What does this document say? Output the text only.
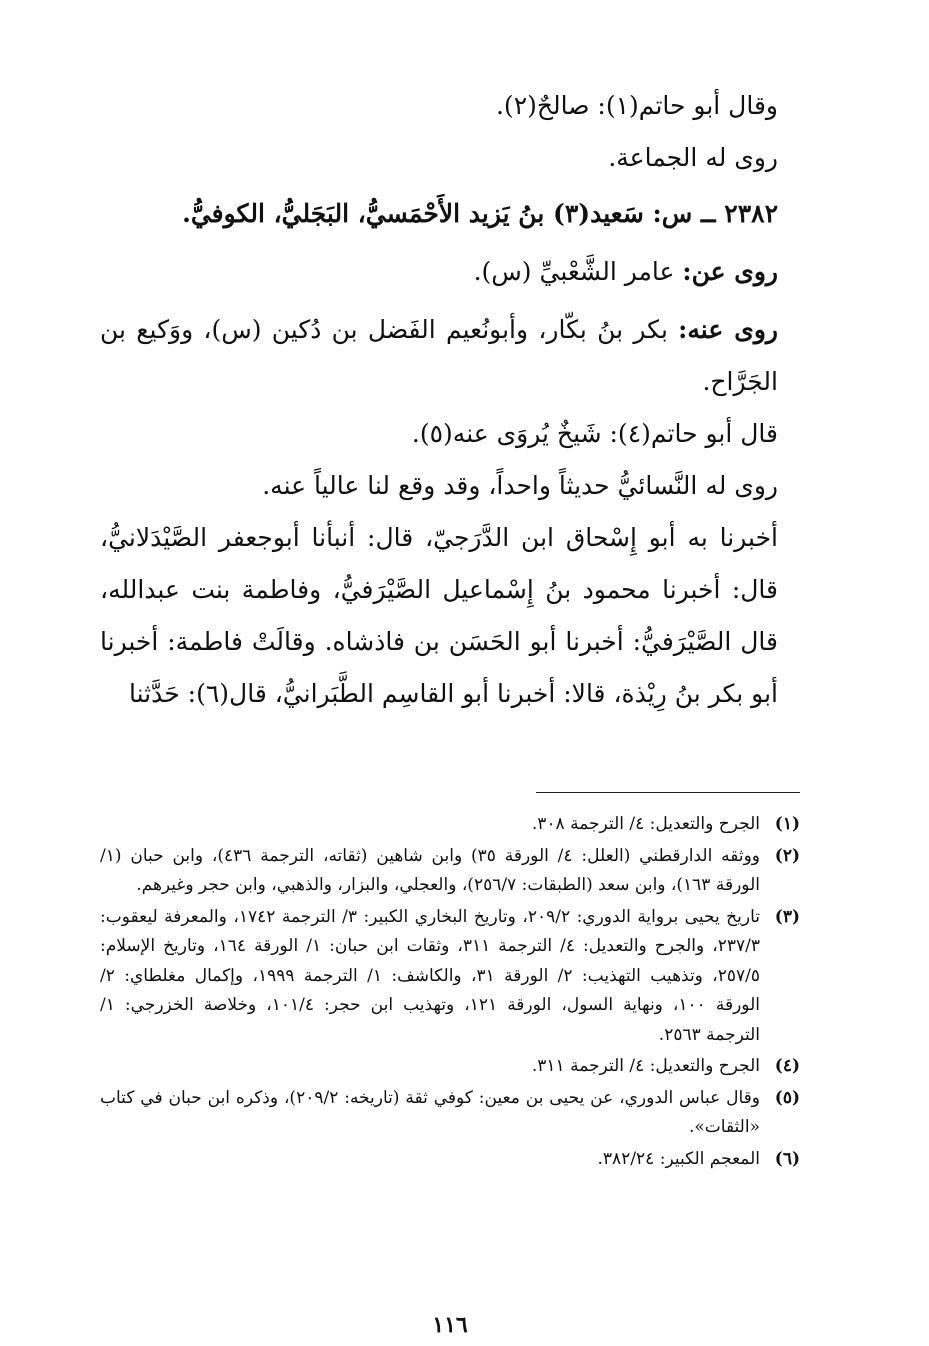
وقال أبو حاتم(١): صالحٌ(٢).

روى له الجماعة.

٢٣٨٢ ــ س: سَعيد(٣) بنُ يَزيد الأَحْمَسيُّ، البَجَليُّ، الكوفيُّ.

روى عن: عامر الشَّعْبيِّ (س).

روى عنه: بكر بنُ بكّار، وأبونُعيم الفَضل بن دُكين (س)، ووَكيع بن الجَرَّاح.

قال أبو حاتم(٤): شَيخٌ يُروَى عنه(٥).

روى له النَّسائيُّ حديثاً واحداً، وقد وقع لنا عالياً عنه.

أخبرنا به أبو إِسْحاق ابن الدَّرَجيّ، قال: أنبأنا أبوجعفر الصَّيْدَلانيُّ، قال: أخبرنا محمود بنُ إِسْماعيل الصَّيْرَفيُّ، وفاطمة بنت عبدالله، قال الصَّيْرَفيُّ: أخبرنا أبو الحَسَن بن فاذشاه. وقالَتْ فاطمة: أخبرنا أبو بكر بنُ رِيْذة، قالا: أخبرنا أبو القاسِم الطَّبَرانيُّ، قال(٦): حَدَّثنا

(١)
الجرح والتعديل: ٤/ الترجمة ٣٠٨.
(٢)
ووثقه الدارقطني (العلل: ٤/ الورقة ٣٥) وابن شاهين (ثقاته، الترجمة ٤٣٦)، وابن حبان (١/ الورقة ١٦٣)، وابن سعد (الطبقات: ٢٥٦/٧)، والعجلي، والبزار، والذهبي، وابن حجر وغيرهم.
(٣)
تاريخ يحيى برواية الدوري: ٢٠٩/٢، وتاريخ البخاري الكبير: ٣/ الترجمة ١٧٤٢، والمعرفة ليعقوب: ٢٣٧/٣، والجرح والتعديل: ٤/ الترجمة ٣١١، وثقات ابن حبان: ١/ الورقة ١٦٤، وتاريخ الإسلام: ٢٥٧/٥، وتذهيب التهذيب: ٢/ الورقة ٣١، والكاشف: ١/ الترجمة ١٩٩٩، وإكمال مغلطاي: ٢/ الورقة ١٠٠، ونهاية السول، الورقة ١٢١، وتهذيب ابن حجر: ١٠١/٤، وخلاصة الخزرجي: ١/ الترجمة ٢٥٦٣.
(٤)
الجرح والتعديل: ٤/ الترجمة ٣١١.
(٥)
وقال عباس الدوري، عن يحيى بن معين: كوفي ثقة (تاريخه: ٢٠٩/٢)، وذكره ابن حبان في كتاب «الثقات».
(٦)
المعجم الكبير: ٣٨٢/٢٤.
١١٦
